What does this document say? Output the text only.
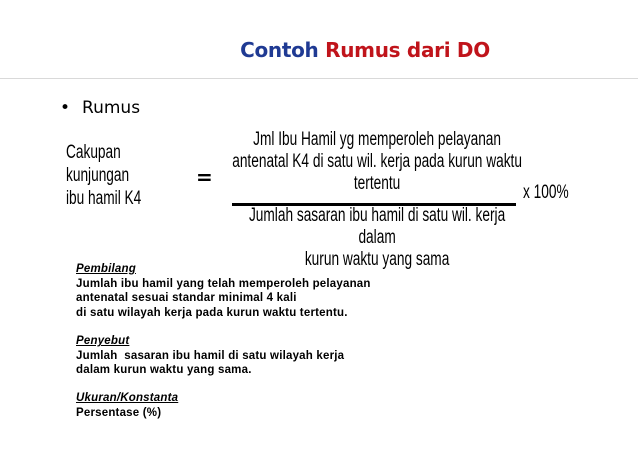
Contoh Rumus dari DO
• Rumus
Cakupan
kunjungan
ibu hamil K4
=
Jml Ibu Hamil yg memperoleh pelayanan
antenatal K4 di satu wil. kerja pada kurun waktu
tertentu	x 100%
Jumlah sasaran ibu hamil di satu wil. kerja dalam
kurun waktu yang sama
Pembilang
Jumlah ibu hamil yang telah memperoleh pelayanan
antenatal sesuai standar minimal 4 kali
di satu wilayah kerja pada kurun waktu tertentu.
Penyebut
Jumlah  sasaran ibu hamil di satu wilayah kerja
dalam kurun waktu yang sama.
Ukuran/Konstanta
Persentase (%)
